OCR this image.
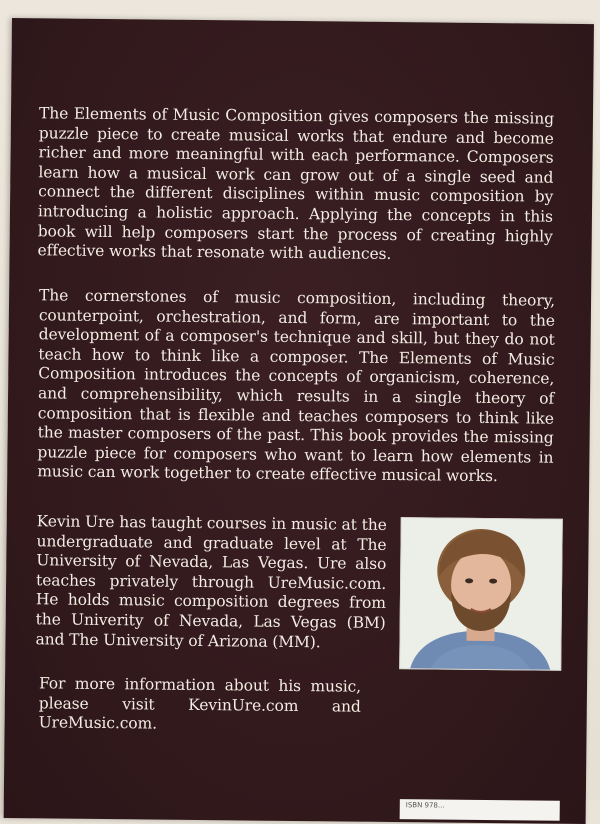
The Elements of Music Composition gives composers the missing puzzle piece to create musical works that endure and become richer and more meaningful with each performance. Composers learn how a musical work can grow out of a single seed and connect the different disciplines within music composition by introducing a holistic approach. Applying the concepts in this book will help composers start the process of creating highly effective works that resonate with audiences.

The cornerstones of music composition, including theory, counterpoint, orchestration, and form, are important to the development of a composer's technique and skill, but they do not teach how to think like a composer. The Elements of Music Composition introduces the concepts of organicism, coherence, and comprehensibility, which results in a single theory of composition that is flexible and teaches composers to think like the master composers of the past. This book provides the missing puzzle piece for composers who want to learn how elements in music can work together to create effective musical works.

Kevin Ure has taught courses in music at the undergraduate and graduate level at The University of Nevada, Las Vegas. Ure also teaches privately through UreMusic.com. He holds music composition degrees from the Univerity of Nevada, Las Vegas (BM) and The University of Arizona (MM).

For more information about his music, please visit KevinUre.com and UreMusic.com.

ISBN 978...
